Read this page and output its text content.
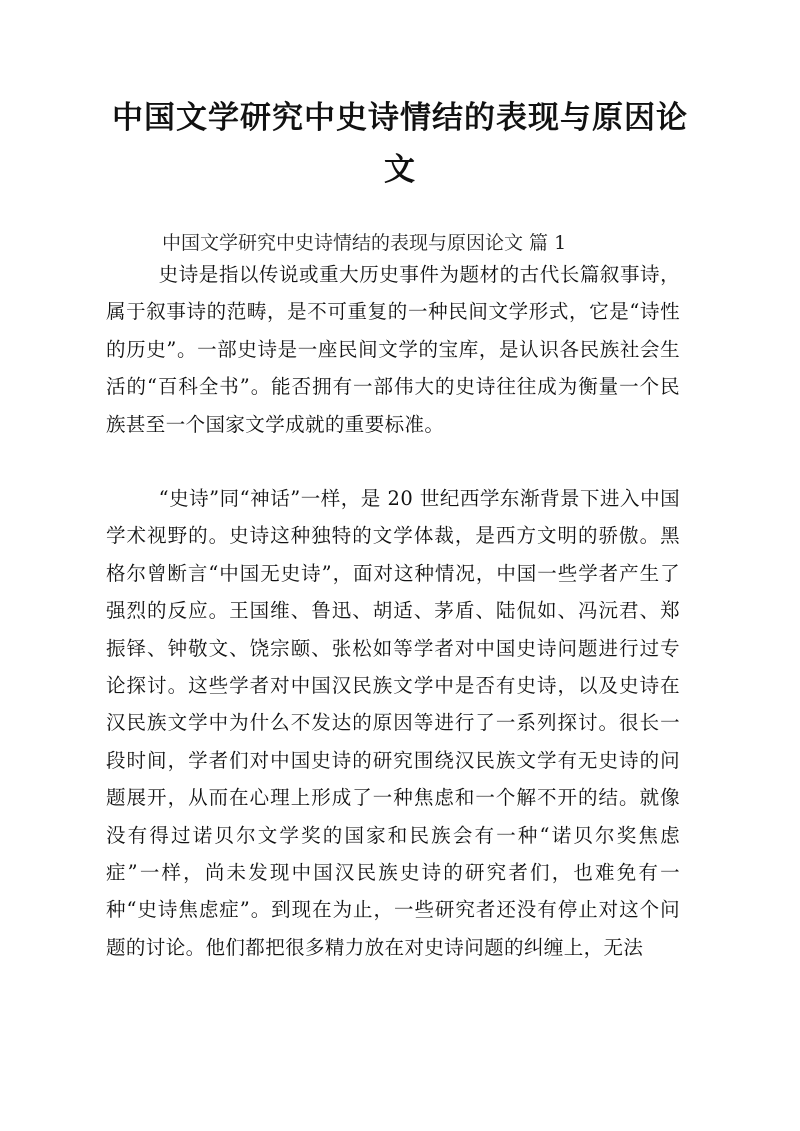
中国文学研究中史诗情结的表现与原因论文
中国文学研究中史诗情结的表现与原因论文 篇 1

史诗是指以传说或重大历史事件为题材的古代长篇叙事诗，属于叙事诗的范畴，是不可重复的一种民间文学形式，它是“诗性的历史”。一部史诗是一座民间文学的宝库，是认识各民族社会生活的“百科全书”。能否拥有一部伟大的史诗往往成为衡量一个民族甚至一个国家文学成就的重要标准。

“史诗”同“神话”一样，是 20 世纪西学东渐背景下进入中国学术视野的。史诗这种独特的文学体裁，是西方文明的骄傲。黑格尔曾断言“中国无史诗”，面对这种情况，中国一些学者产生了强烈的反应。王国维、鲁迅、胡适、茅盾、陆侃如、冯沅君、郑振铎、钟敬文、饶宗颐、张松如等学者对中国史诗问题进行过专论探讨。这些学者对中国汉民族文学中是否有史诗，以及史诗在汉民族文学中为什么不发达的原因等进行了一系列探讨。很长一段时间，学者们对中国史诗的研究围绕汉民族文学有无史诗的问题展开，从而在心理上形成了一种焦虑和一个解不开的结。就像没有得过诺贝尔文学奖的国家和民族会有一种“诺贝尔奖焦虑症”一样，尚未发现中国汉民族史诗的研究者们，也难免有一种“史诗焦虑症”。到现在为止，一些研究者还没有停止对这个问题的讨论。他们都把很多精力放在对史诗问题的纠缠上，无法
